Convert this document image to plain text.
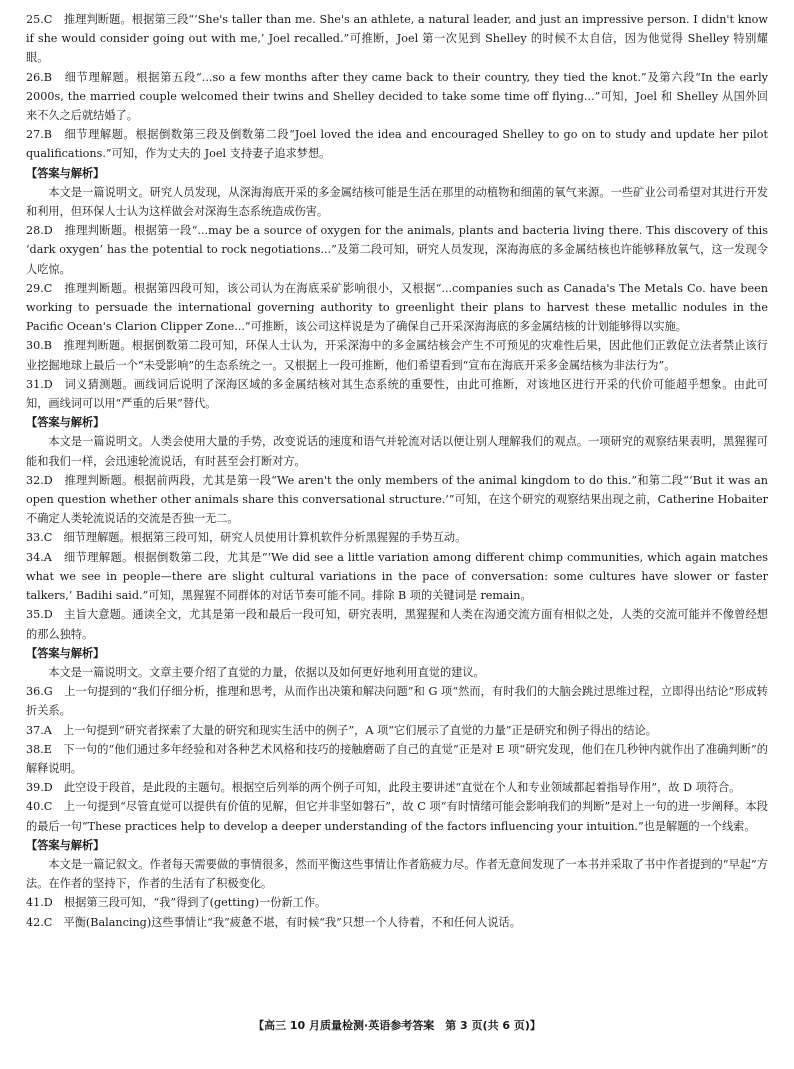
25.C　推理判断题。根据第三段“‘She's taller than me. She's an athlete, a natural leader, and just an impressive person. I didn't know if she would consider going out with me,’ Joel recalled.”可推断，Joel 第一次见到 Shelley 的时候不太自信，因为他觉得 Shelley 特别耀眼。

26.B　细节理解题。根据第五段“...so a few months after they came back to their country, they tied the knot.”及第六段“In the early 2000s, the married couple welcomed their twins and Shelley decided to take some time off flying...”可知，Joel 和 Shelley 从国外回来不久之后就结婚了。

27.B　细节理解题。根据倒数第三段及倒数第二段“Joel loved the idea and encouraged Shelley to go on to study and update her pilot qualifications.”可知，作为丈夫的 Joel 支持妻子追求梦想。

【答案与解析】

本文是一篇说明文。研究人员发现，从深海海底开采的多金属结核可能是生活在那里的动植物和细菌的氧气来源。一些矿业公司希望对其进行开发和利用，但环保人士认为这样做会对深海生态系统造成伤害。

28.D　推理判断题。根据第一段“...may be a source of oxygen for the animals, plants and bacteria living there. This discovery of this ‘dark oxygen’ has the potential to rock negotiations...”及第二段可知，研究人员发现，深海海底的多金属结核也许能够释放氧气，这一发现令人吃惊。

29.C　推理判断题。根据第四段可知，该公司认为在海底采矿影响很小，又根据“...companies such as Canada's The Metals Co. have been working to persuade the international governing authority to greenlight their plans to harvest these metallic nodules in the Pacific Ocean's Clarion Clipper Zone...”可推断，该公司这样说是为了确保自己开采深海海底的多金属结核的计划能够得以实施。

30.B　推理判断题。根据倒数第二段可知，环保人士认为，开采深海中的多金属结核会产生不可预见的灾难性后果，因此他们正敦促立法者禁止该行业挖掘地球上最后一个“未受影响”的生态系统之一。又根据上一段可推断，他们希望看到“宣布在海底开采多金属结核为非法行为”。

31.D　词义猜测题。画线词后说明了深海区域的多金属结核对其生态系统的重要性，由此可推断，对该地区进行开采的代价可能超乎想象。由此可知，画线词可以用“严重的后果”替代。

【答案与解析】

本文是一篇说明文。人类会使用大量的手势，改变说话的速度和语气并轮流对话以便让别人理解我们的观点。一项研究的观察结果表明，黑猩猩可能和我们一样，会迅速轮流说话，有时甚至会打断对方。

32.D　推理判断题。根据前两段，尤其是第一段“We aren't the only members of the animal kingdom to do this.”和第二段“‘But it was an open question whether other animals share this conversational structure.’”可知，在这个研究的观察结果出现之前，Catherine Hobaiter 不确定人类轮流说话的交流是否独一无二。

33.C　细节理解题。根据第三段可知，研究人员使用计算机软件分析黑猩猩的手势互动。

34.A　细节理解题。根据倒数第二段，尤其是“‘We did see a little variation among different chimp communities, which again matches what we see in people—there are slight cultural variations in the pace of conversation: some cultures have slower or faster talkers,’ Badihi said.”可知，黑猩猩不同群体的对话节奏可能不同。排除 B 项的关键词是 remain。

35.D　主旨大意题。通读全文，尤其是第一段和最后一段可知，研究表明，黑猩猩和人类在沟通交流方面有相似之处，人类的交流可能并不像曾经想的那么独特。

【答案与解析】

本文是一篇说明文。文章主要介绍了直觉的力量，依据以及如何更好地利用直觉的建议。

36.G　上一句提到的“我们仔细分析，推理和思考，从而作出决策和解决问题”和 G 项“然而，有时我们的大脑会跳过思维过程，立即得出结论”形成转折关系。

37.A　上一句提到“研究者探索了大量的研究和现实生活中的例子”，A 项“它们展示了直觉的力量”正是研究和例子得出的结论。

38.E　下一句的“他们通过多年经验和对各种艺术风格和技巧的接触磨砺了自己的直觉”正是对 E 项“研究发现，他们在几秒钟内就作出了准确判断”的解释说明。

39.D　此空设于段首，是此段的主题句。根据空后列举的两个例子可知，此段主要讲述“直觉在个人和专业领域都起着指导作用”，故 D 项符合。

40.C　上一句提到“尽管直觉可以提供有价值的见解，但它并非坚如磐石”，故 C 项“有时情绪可能会影响我们的判断”是对上一句的进一步阐释。本段的最后一句“These practices help to develop a deeper understanding of the factors influencing your intuition.”也是解题的一个线索。

【答案与解析】

本文是一篇记叙文。作者每天需要做的事情很多，然而平衡这些事情让作者筋疲力尽。作者无意间发现了一本书并采取了书中作者提到的“早起”方法。在作者的坚持下，作者的生活有了积极变化。

41.D　根据第三段可知，“我”得到了(getting)一份新工作。

42.C　平衡(Balancing)这些事情让“我”疲惫不堪，有时候“我”只想一个人待着，不和任何人说话。

【高三 10 月质量检测·英语参考答案　第 3 页(共 6 页)】
